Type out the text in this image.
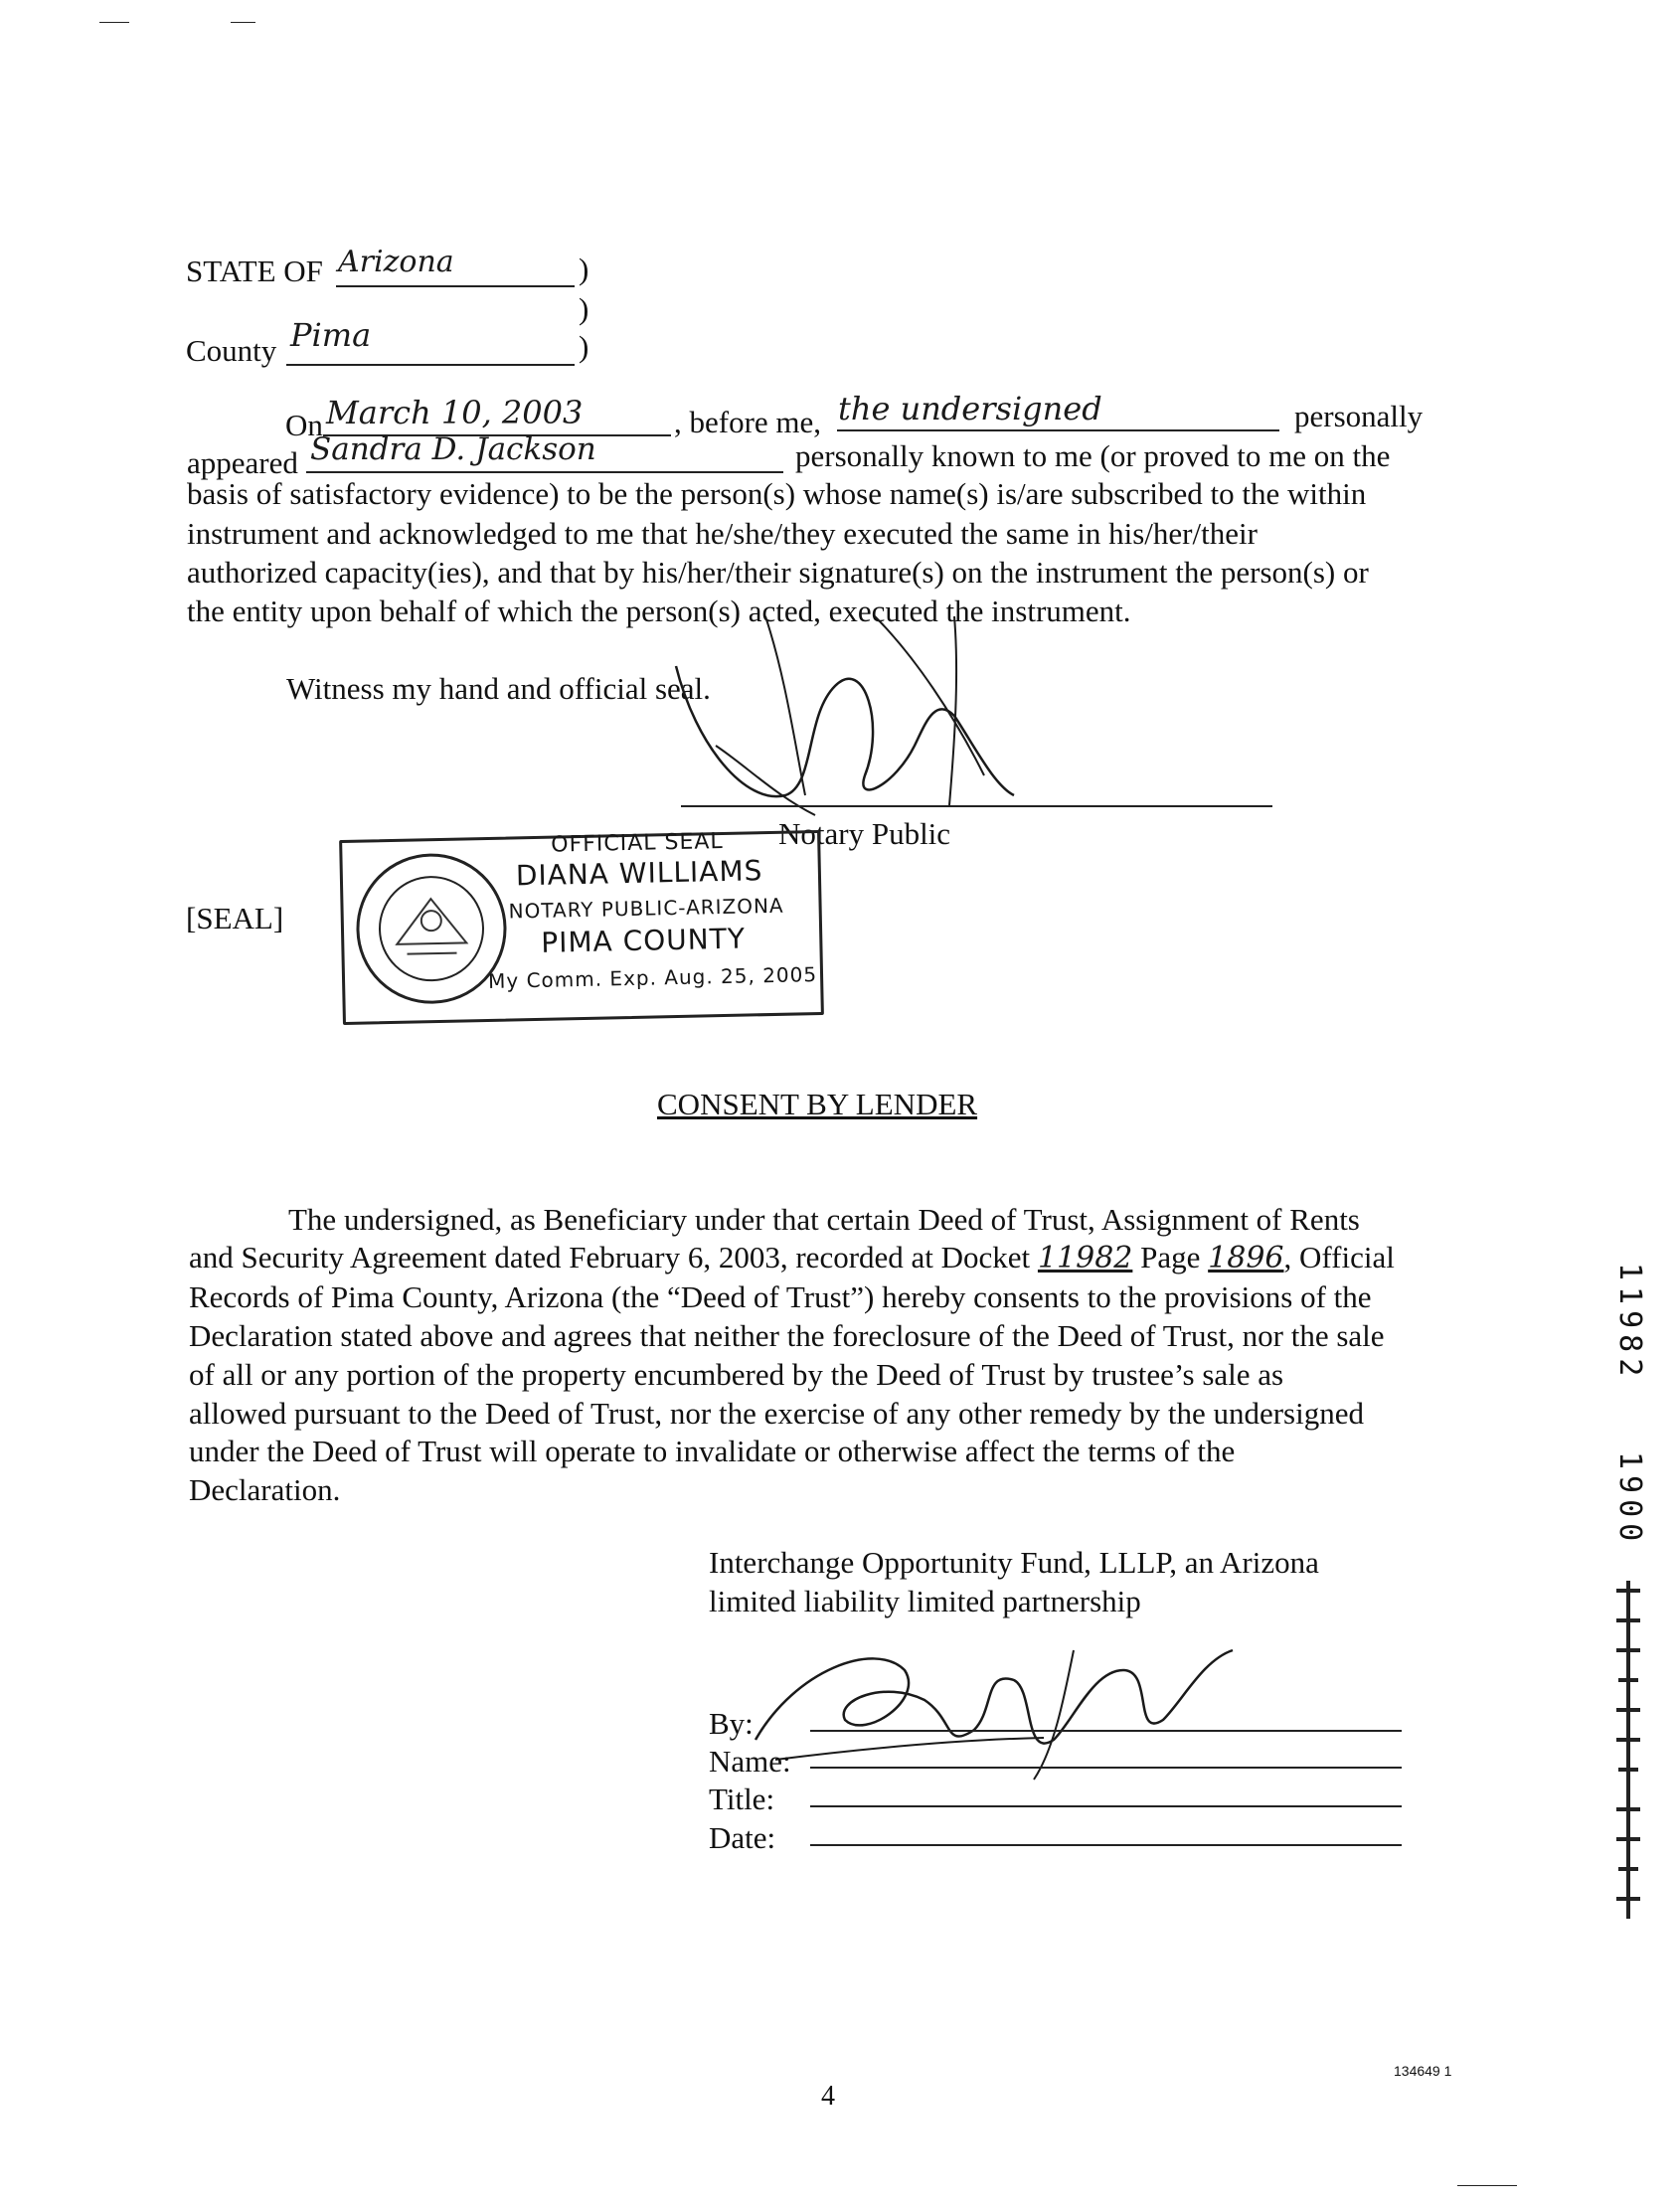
STATE OF Arizona	)
)
County Pima	)
On March 10, 2003	, before me, the undersigned	personally
appeared Sandra D. Jackson	personally known to me (or proved to me on the
basis of satisfactory evidence) to be the person(s) whose name(s) is/are subscribed to the within
instrument and acknowledged to me that he/she/they executed the same in his/her/their
authorized capacity(ies), and that by his/her/their signature(s) on the instrument the person(s) or
the entity upon behalf of which the person(s) acted, executed the instrument.
Witness my hand and official seal.
Notary Public
[SEAL]
OFFICIAL SEAL
DIANA WILLIAMS
NOTARY PUBLIC-ARIZONA
PIMA COUNTY
My Comm. Exp. Aug. 25, 2005
CONSENT BY LENDER
The undersigned, as Beneficiary under that certain Deed of Trust, Assignment of Rents
and Security Agreement dated February 6, 2003, recorded at Docket 11982 Page 1896, Official
Records of Pima County, Arizona (the “Deed of Trust”) hereby consents to the provisions of the
Declaration stated above and agrees that neither the foreclosure of the Deed of Trust, nor the sale
of all or any portion of the property encumbered by the Deed of Trust by trustee’s sale as
allowed pursuant to the Deed of Trust, nor the exercise of any other remedy by the undersigned
under the Deed of Trust will operate to invalidate or otherwise affect the terms of the
Declaration.
Interchange Opportunity Fund, LLLP, an Arizona
limited liability limited partnership
By:
Name:
Title:
Date:
11982
1900
4
134649 1
